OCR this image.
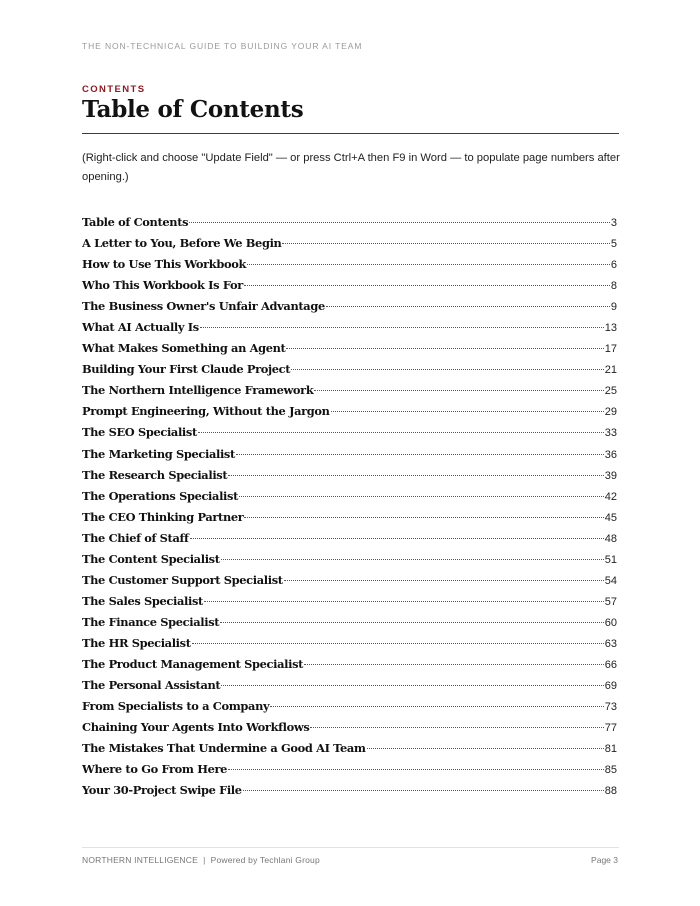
THE NON-TECHNICAL GUIDE TO BUILDING YOUR AI TEAM
CONTENTS
Table of Contents
(Right-click and choose "Update Field" — or press Ctrl+A then F9 in Word — to populate page numbers after opening.)
Table of Contents	3
A Letter to You, Before We Begin	5
How to Use This Workbook	6
Who This Workbook Is For	8
The Business Owner's Unfair Advantage	9
What AI Actually Is	13
What Makes Something an Agent	17
Building Your First Claude Project	21
The Northern Intelligence Framework	25
Prompt Engineering, Without the Jargon	29
The SEO Specialist	33
The Marketing Specialist	36
The Research Specialist	39
The Operations Specialist	42
The CEO Thinking Partner	45
The Chief of Staff	48
The Content Specialist	51
The Customer Support Specialist	54
The Sales Specialist	57
The Finance Specialist	60
The HR Specialist	63
The Product Management Specialist	66
The Personal Assistant	69
From Specialists to a Company	73
Chaining Your Agents Into Workflows	77
The Mistakes That Undermine a Good AI Team	81
Where to Go From Here	85
Your 30-Project Swipe File	88
NORTHERN INTELLIGENCE  |  Powered by Techlani Group	Page 3
